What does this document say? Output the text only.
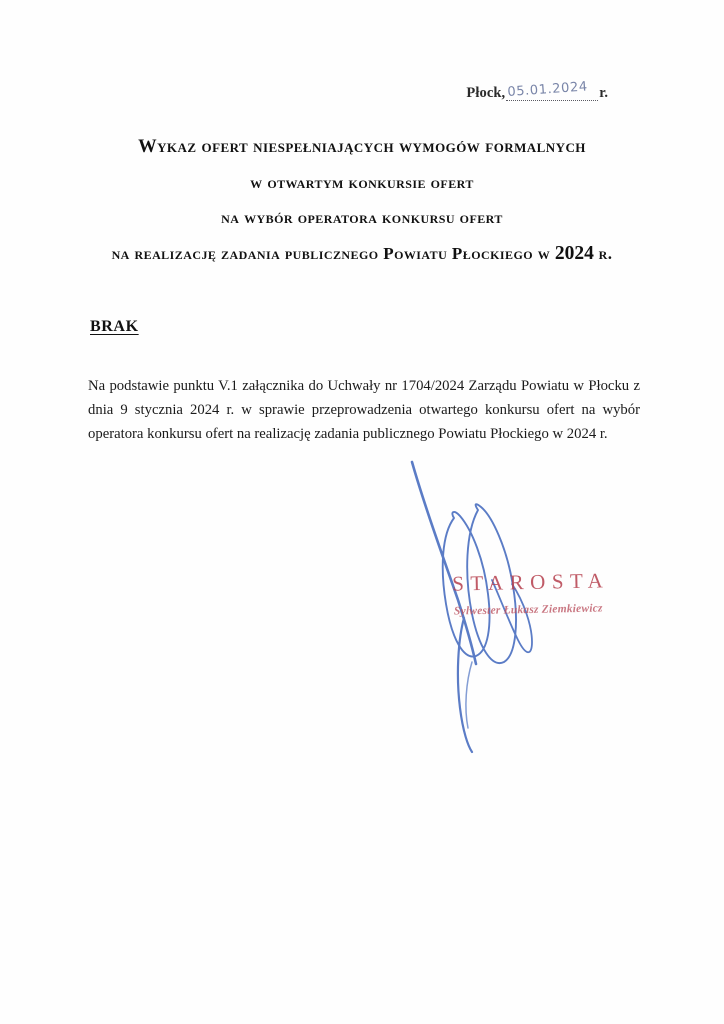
Płock, 05.01.2024 r.
Wykaz ofert niespełniających wymogów formalnych
w otwartym konkursie ofert
na wybór operatora konkursu ofert
na realizację zadania publicznego Powiatu Płockiego w 2024 r.
BRAK
Na podstawie punktu V.1 załącznika do Uchwały nr 1704/2024 Zarządu Powiatu w Płocku z dnia 9 stycznia 2024 r. w sprawie przeprowadzenia otwartego konkursu ofert na wybór operatora konkursu ofert na realizację zadania publicznego Powiatu Płockiego w 2024 r.
STAROSTA
Sylwester Łukasz Ziemkiewicz
